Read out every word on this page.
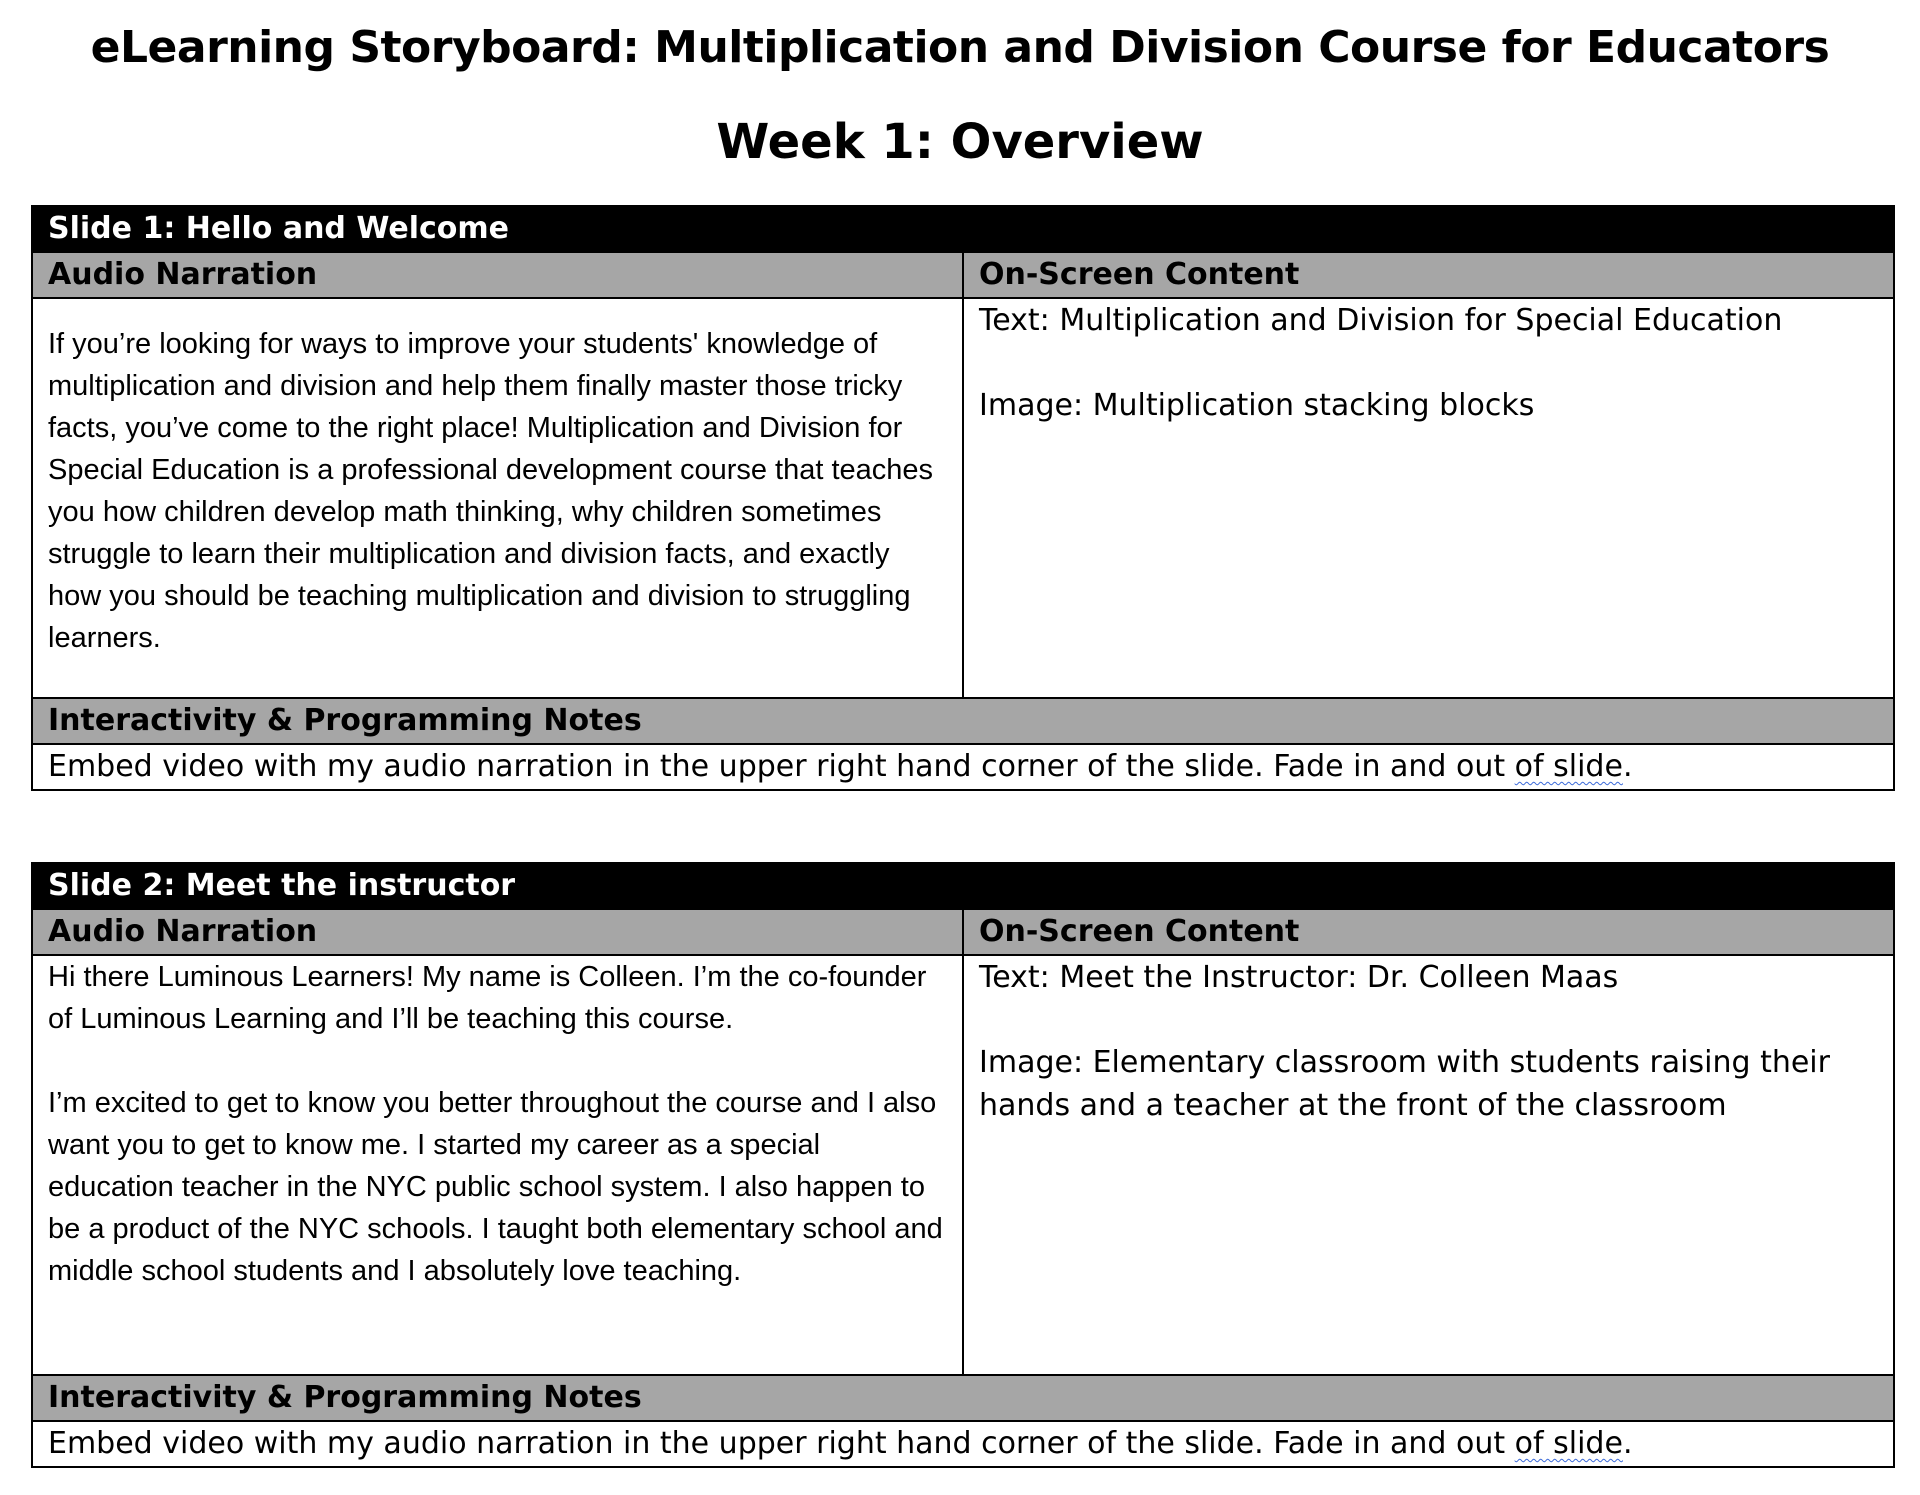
eLearning Storyboard: Multiplication and Division Course for Educators
Week 1: Overview
Slide 1: Hello and Welcome	
Audio Narration	On-Screen Content

If you’re looking for ways to improve your students' knowledge of multiplication and division and help them finally master those tricky facts, you’ve come to the right place! Multiplication and Division for Special Education is a professional development course that teaches you how children develop math thinking, why children sometimes struggle to learn their multiplication and division facts, and exactly how you should be teaching multiplication and division to struggling learners.	Text: Multiplication and Division for Special Education
Image: Multiplication stacking blocks

Interactivity & Programming Notes	
Embed video with my audio narration in the upper right hand corner of the slide. Fade in and out of slide.	
Slide 2: Meet the instructor	
Audio Narration	On-Screen Content

Hi there Luminous Learners! My name is Colleen. I’m the co-founder of Luminous Learning and I’ll be teaching this course.
I’m excited to get to know you better throughout the course and I also want you to get to know me. I started my career as a special education teacher in the NYC public school system. I also happen to be a product of the NYC schools. I taught both elementary school and middle school students and I absolutely love teaching.	Text: Meet the Instructor: Dr. Colleen Maas
Image: Elementary classroom with students raising their hands and a teacher at the front of the classroom

Interactivity & Programming Notes	
Embed video with my audio narration in the upper right hand corner of the slide. Fade in and out of slide.	
